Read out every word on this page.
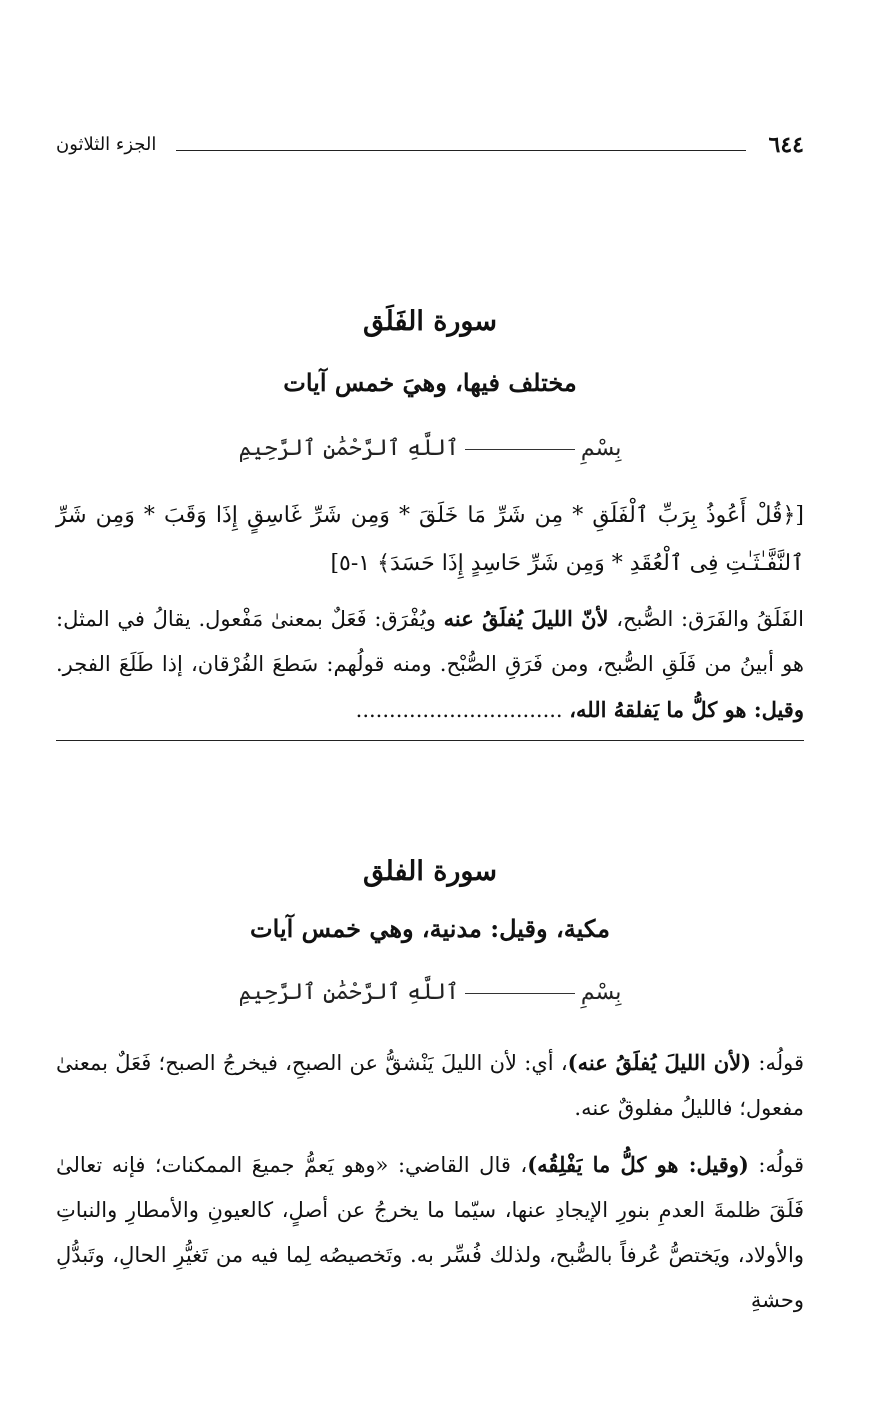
٦٤٤
الجزء الثلاثون
سورة الفَلَق
مختلف فيها، وهيَ خمس آيات
بِسْمِٱللَّهِ ٱلرَّحْمَٰنِ ٱلرَّحِيمِ

[﴿قُلْ أَعُوذُ بِرَبِّ ٱلْفَلَقِ * مِن شَرِّ مَا خَلَقَ * وَمِن شَرِّ غَاسِقٍ إِذَا وَقَبَ * وَمِن شَرِّ ٱلنَّفَّـٰثَـٰتِ فِى ٱلْعُقَدِ * وَمِن شَرِّ حَاسِدٍ إِذَا حَسَدَ﴾ ١-٥]

الفَلَقُ والفَرَق: الصُّبح، لأنّ الليلَ يُفلَقُ عنه ويُفْرَق: فَعَلٌ بمعنىٰ مَفْعول. يقالُ في المثل: هو أبينُ من فَلَقِ الصُّبح، ومن فَرَقِ الصُّبْح. ومنه قولُهم: سَطعَ الفُرْقان، إذا طَلَعَ الفجر. وقيل: هو كلُّ ما يَفلقهُ الله، ...............................

سورة الفلق
مكية، وقيل: مدنية، وهي خمس آيات
بِسْمِٱللَّهِ ٱلرَّحْمَٰنِ ٱلرَّحِيمِ

قولُه: (لأن الليلَ يُفلَقُ عنه)، أي: لأن الليلَ يَنْشقُّ عن الصبحِ، فيخرجُ الصبح؛ فَعَلٌ بمعنىٰ مفعول؛ فالليلُ مفلوقٌ عنه.

قولُه: (وقيل: هو كلُّ ما يَفْلِقُه)، قال القاضي: «وهو يَعمُّ جميعَ الممكنات؛ فإنه تعالىٰ فَلَقَ ظلمةَ العدمِ بنورِ الإيجادِ عنها، سيّما ما يخرجُ عن أصلٍ، كالعيونِ والأمطارِ والنباتِ والأولاد، ويَختصُّ عُرفاً بالصُّبح، ولذلك فُسِّر به. وتَخصيصُه لِما فيه من تَغيُّرِ الحالِ، وتَبدُّلِ وحشةِ
